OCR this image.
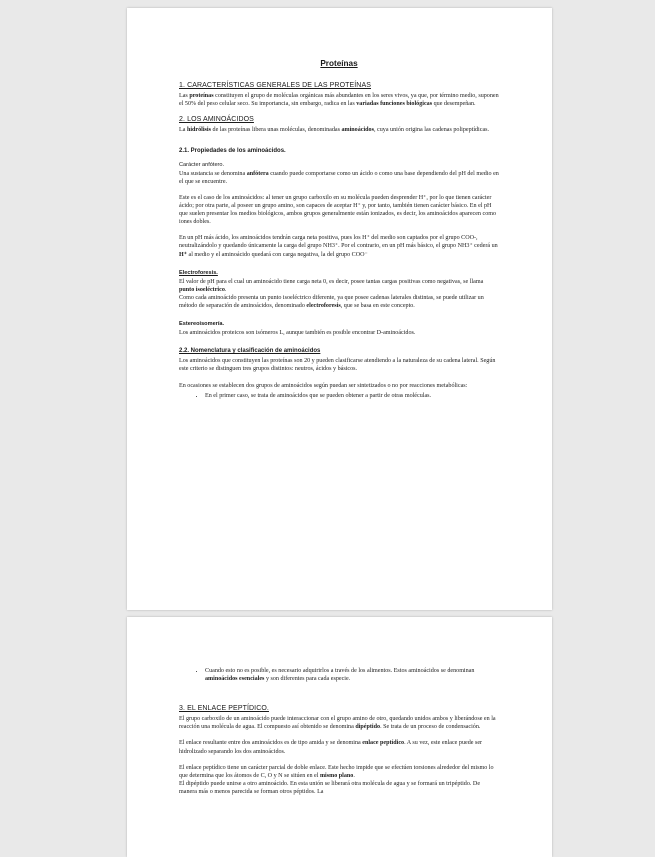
Proteínas
1. CARACTERÍSTICAS GENERALES DE LAS PROTEÍNAS

Las proteínas constituyen el grupo de moléculas orgánicas más abundantes en los seres vivos, ya que, por término medio, suponen el 50% del peso celular seco. Su importancia, sin embargo, radica en las variadas funciones biológicas que desempeñan.

2. LOS AMINOÁCIDOS

La hidrólisis de las proteínas libera unas moléculas, denominadas aminoácidos, cuya unión origina las cadenas polipeptídicas.

2.1. Propiedades de los aminoácidos.
Carácter anfótero.

Una sustancia se denomina anfótera cuando puede comportarse como un ácido o como una base dependiendo del pH del medio en el que se encuentre.

Este es el caso de los aminoácidos: al tener un grupo carboxilo en su molécula pueden desprender H⁺, por lo que tienen carácter ácido; por otra parte, al poseer un grupo amino, son capaces de aceptar H⁺ y, por tanto, también tienen carácter básico. En el pH que suelen presentar los medios biológicos, ambos grupos generalmente están ionizados, es decir, los aminoácidos aparecen como iones dobles.

En un pH más ácido, los aminoácidos tendrán carga neta positiva, pues los H⁺ del medio son captados por el grupo COO-, neutralizándolo y quedando únicamente la carga del grupo NH3⁺. Por el contrario, en un pH más básico, el grupo NH3⁺ cederá un H⁺ al medio y el aminoácido quedará con carga negativa, la del grupo COO⁻

Electroforesis.

El valor de pH para el cual un aminoácido tiene carga neta 0, es decir, posee tantas cargas positivas como negativas, se llama punto isoeléctrico.

Como cada aminoácido presenta un punto isoeléctrico diferente, ya que posee cadenas laterales distintas, se puede utilizar un método de separación de aminoácidos, denominado electroforesis, que se basa en este concepto.

Estereoisomería.

Los aminoácidos proteicos son isómeros L, aunque también es posible encontrar D-aminoácidos.

2.2. Nomenclatura y clasificación de aminoácidos

Los aminoácidos que constituyen las proteínas son 20 y pueden clasificarse atendiendo a la naturaleza de su cadena lateral. Según este criterio se distinguen tres grupos distintos: neutros, ácidos y básicos.

En ocasiones se establecen dos grupos de aminoácidos según puedan ser sintetizados o no por reacciones metabólicas:

• En el primer caso, se trata de aminoácidos que se pueden obtener a partir de otras moléculas.
• Cuando esto no es posible, es necesario adquirirlos a través de los alimentos. Estos aminoácidos se denominan aminoácidos esenciales y son diferentes para cada especie.
3. EL ENLACE PEPTÍDICO.

El grupo carboxilo de un aminoácido puede interaccionar con el grupo amino de otro, quedando unidos ambos y liberándose en la reacción una molécula de agua. El compuesto así obtenido se denomina dipéptido. Se trata de un proceso de condensación.

El enlace resultante entre dos aminoácidos es de tipo amida y se denomina enlace peptídico. A su vez, este enlace puede ser hidrolizado separando los dos aminoácidos.

El enlace peptídico tiene un carácter parcial de doble enlace. Este hecho impide que se efectúen torsiones alrededor del mismo lo que determina que los átomos de C, O y N se sitúen en el mismo plano.

El dipéptido puede unirse a otro aminoácido. En esta unión se liberará otra molécula de agua y se formará un tripéptido. De manera más o menos parecida se forman otros péptidos. La
